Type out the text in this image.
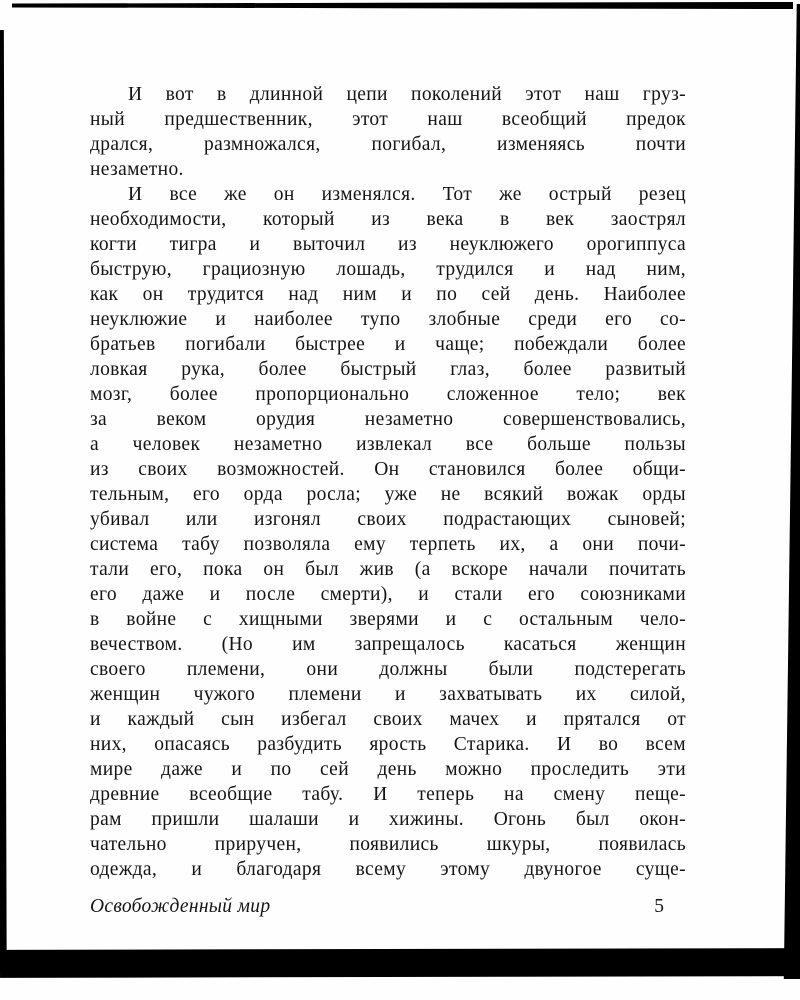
И вот в длинной цепи поколений этот наш груз-
ный предшественник, этот наш всеобщий предок
дрался, размножался, погибал, изменяясь почти
незаметно.
И все же он изменялся. Тот же острый резец
необходимости, который из века в век заострял
когти тигра и выточил из неуклюжего орогиппуса
быструю, грациозную лошадь, трудился и над ним,
как он трудится над ним и по сей день. Наиболее
неуклюжие и наиболее тупо злобные среди его со-
братьев погибали быстрее и чаще; побеждали более
ловкая рука, более быстрый глаз, более развитый
мозг, более пропорционально сложенное тело; век
за веком орудия незаметно совершенствовались,
а человек незаметно извлекал все больше пользы
из своих возможностей. Он становился более общи-
тельным, его орда росла; уже не всякий вожак орды
убивал или изгонял своих подрастающих сыновей;
система табу позволяла ему терпеть их, а они почи-
тали его, пока он был жив (а вскоре начали почитать
его даже и после смерти), и стали его союзниками
в войне с хищными зверями и с остальным чело-
вечеством. (Но им запрещалось касаться женщин
своего племени, они должны были подстерегать
женщин чужого племени и захватывать их силой,
и каждый сын избегал своих мачех и прятался от
них, опасаясь разбудить ярость Старика. И во всем
мире даже и по сей день можно проследить эти
древние всеобщие табу. И теперь на смену пеще-
рам пришли шалаши и хижины. Огонь был окон-
чательно приручен, появились шкуры, появилась
одежда, и благодаря всему этому двуногое суще-
Освобожденный мир	5
